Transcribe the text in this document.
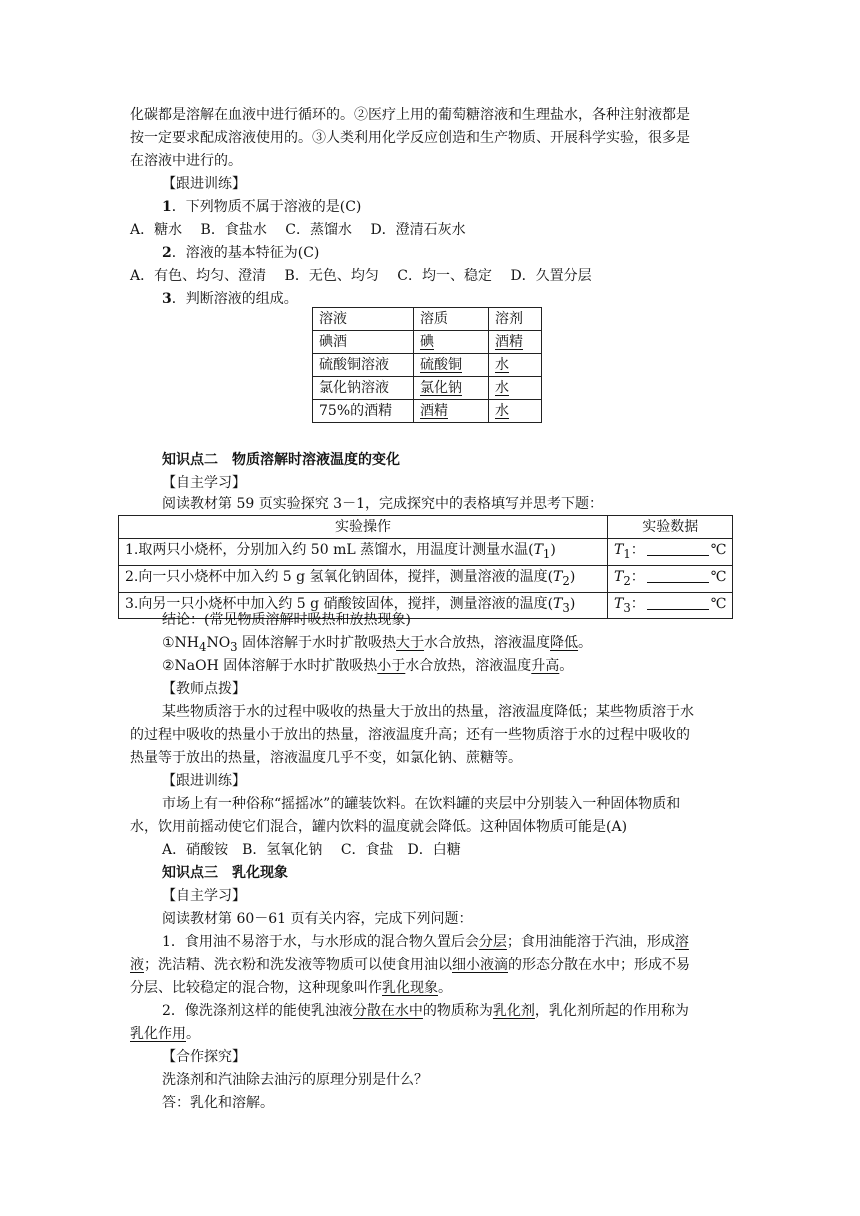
化碳都是溶解在血液中进行循环的。②医疗上用的葡萄糖溶液和生理盐水，各种注射液都是
按一定要求配成溶液使用的。③人类利用化学反应创造和生产物质、开展科学实验，很多是
在溶液中进行的。
【跟进训练】
1．下列物质不属于溶液的是(C)
A．糖水　 B．食盐水　 C．蒸馏水　 D．澄清石灰水
2．溶液的基本特征为(C)
A．有色、均匀、澄清　 B．无色、均匀　 C．均一、稳定　 D．久置分层
3．判断溶液的组成。
溶液	溶质	溶剂
碘酒	碘	酒精
硫酸铜溶液	硫酸铜	水
氯化钠溶液	氯化钠	水
75%的酒精	酒精	水
知识点二　物质溶解时溶液温度的变化
【自主学习】
阅读教材第 59 页实验探究 3－1，完成探究中的表格填写并思考下题：
实验操作	实验数据
1.取两只小烧杯，分别加入约 50 mL 蒸馏水，用温度计测量水温$(T_1)$	$T_1$： ℃
2.向一只小烧杯中加入约 5 g 氢氧化钠固体，搅拌，测量溶液的温度$(T_2)$	$T_2$： ℃
3.向另一只小烧杯中加入约 5 g 硝酸铵固体，搅拌，测量溶液的温度$(T_3)$	$T_3$： ℃
结论：(常见物质溶解时吸热和放热现象)
$①NH_4NO_3$ 固体溶解于水时扩散吸热大于水合放热，溶液温度降低。
②NaOH 固体溶解于水时扩散吸热小于水合放热，溶液温度升高。
【教师点拨】
某些物质溶于水的过程中吸收的热量大于放出的热量，溶液温度降低；某些物质溶于水
的过程中吸收的热量小于放出的热量，溶液温度升高；还有一些物质溶于水的过程中吸收的
热量等于放出的热量，溶液温度几乎不变，如氯化钠、蔗糖等。
【跟进训练】
市场上有一种俗称“摇摇冰”的罐装饮料。在饮料罐的夹层中分别装入一种固体物质和
水，饮用前摇动使它们混合，罐内饮料的温度就会降低。这种固体物质可能是(A)
A．硝酸铵　B．氢氧化钠　 C．食盐　D．白糖
知识点三　乳化现象
【自主学习】
阅读教材第 60－61 页有关内容，完成下列问题：
1．食用油不易溶于水，与水形成的混合物久置后会分层；食用油能溶于汽油，形成溶
液；洗洁精、洗衣粉和洗发液等物质可以使食用油以细小液滴的形态分散在水中；形成不易
分层、比较稳定的混合物，这种现象叫作乳化现象。
2．像洗涤剂这样的能使乳浊液分散在水中的物质称为乳化剂，乳化剂所起的作用称为
乳化作用。
【合作探究】
洗涤剂和汽油除去油污的原理分别是什么？
答：乳化和溶解。
